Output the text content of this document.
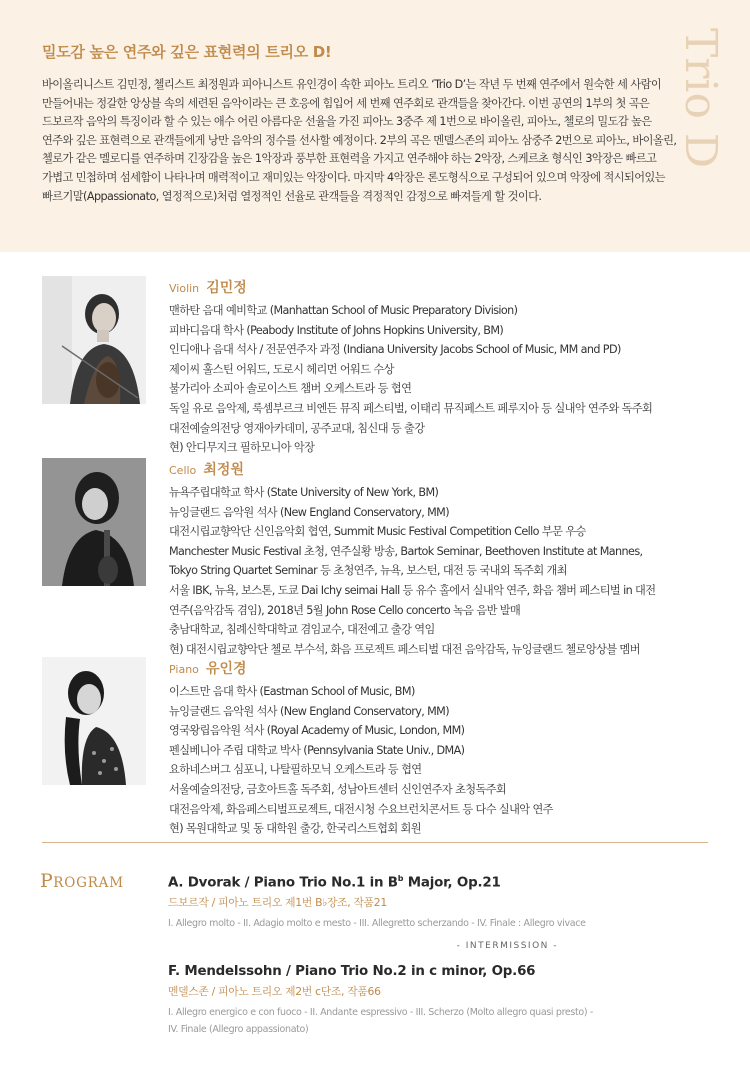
밀도감 높은 연주와 깊은 표현력의 트리오 D!

바이올리니스트 김민정, 첼리스트 최정원과 피아니스트 유인경이 속한 피아노 트리오 ‘Trio D’는 작년 두 번째 연주에서 원숙한 세 사람이 만들어내는 정갈한 앙상블 속의 세련된 음악이라는 큰 호응에 힘입어 세 번째 연주회로 관객들을 찾아간다. 이번 공연의 1부의 첫 곡은 드보르작 음악의 특징이라 할 수 있는 애수 어린 아름다운 선율을 가진 피아노 3중주 제 1번으로 바이올린, 피아노, 첼로의 밀도감 높은 연주와 깊은 표현력으로 관객들에게 낭만 음악의 정수를 선사할 예정이다. 2부의 곡은 멘델스존의 피아노 삼중주 2번으로 피아노, 바이올린, 첼로가 같은 멜로디를 연주하며 긴장감을 높은 1악장과 풍부한 표현력을 가지고 연주해야 하는 2악장, 스케르초 형식인 3악장은 빠르고 가볍고 민첩하며 섬세함이 나타나며 매력적이고 재미있는 악장이다. 마지막 4악장은 론도형식으로 구성되어 있으며 악장에 적시되어있는 빠르기말(Appassionato, 열정적으로)처럼 열정적인 선율로 관객들을 격정적인 감정으로 빠져들게 할 것이다.

Trio D
Violin 김민정
맨하탄 음대 예비학교 (Manhattan School of Music Preparatory Division)
피바디음대 학사 (Peabody Institute of Johns Hopkins University, BM)
인디애나 음대 석사 / 전문연주자 과정 (Indiana University Jacobs School of Music, MM and PD)
제이씨 훌스틴 어워드, 도로시 헤리먼 어워드 수상
불가리아 소피아 솔로이스트 챔버 오케스트라 등 협연
독일 유로 음악제, 룩셈부르크 비엔든 뮤직 페스티벌, 이태리 뮤직페스트 페루지아 등 실내악 연주와 독주회
대전예술의전당 영재아카데미, 공주교대, 침신대 등 출강
현) 안디무지크 필하모니아 악장
Cello 최정원
뉴욕주립대학교 학사 (State University of New York, BM)
뉴잉글랜드 음악원 석사 (New England Conservatory, MM)
대전시립교향악단 신인음악회 협연, Summit Music Festival Competition Cello 부문 우승
Manchester Music Festival 초청, 연주실황 방송, Bartok Seminar, Beethoven Institute at Mannes,
Tokyo String Quartet Seminar 등 초청연주, 뉴욕, 보스턴, 대전 등 국내외 독주회 개최
서울 IBK, 뉴욕, 보스톤, 도쿄 Dai Ichy seimai Hall 등 유수 홀에서 실내악 연주, 화음 챔버 페스티벌 in 대전
연주(음악감독 겸임), 2018년 5월 John Rose Cello concerto 녹음 음반 발매
충남대학교, 침례신학대학교 겸임교수, 대전예고 출강 역임
현) 대전시립교향악단 첼로 부수석, 화음 프로젝트 페스티벌 대전 음악감독, 뉴잉글랜드 첼로앙상블 멤버
Piano 유인경
이스트만 음대 학사 (Eastman School of Music, BM)
뉴잉글랜드 음악원 석사 (New England Conservatory, MM)
영국왕립음악원 석사 (Royal Academy of Music, London, MM)
펜실베니아 주립 대학교 박사 (Pennsylvania State Univ., DMA)
요하네스버그 심포니, 나탈필하모닉 오케스트라 등 협연
서울예술의전당, 금호아트홀 독주회, 성남아트센터 신인연주자 초청독주회
대전음악제, 화음페스티벌프로젝트, 대전시청 수요브런치콘서트 등 다수 실내악 연주
현) 목원대학교 및 동 대학원 출강, 한국리스트협회 회원
PROGRAM	A. Dvorak / Piano Trio No.1 in $B^b$ Major, Op.21
드보르작 / 피아노 트리오 제1번 B♭장조, 작품21
I. Allegro molto - II. Adagio molto e mesto - III. Allegretto scherzando - IV. Finale : Allegro vivace
- INTERMISSION -
F. Mendelssohn / Piano Trio No.2 in c minor, Op.66
멘델스존 / 피아노 트리오 제2번 c단조, 작품66
I. Allegro energico e con fuoco - II. Andante espressivo - III. Scherzo (Molto allegro quasi presto) -
IV. Finale (Allegro appassionato)
